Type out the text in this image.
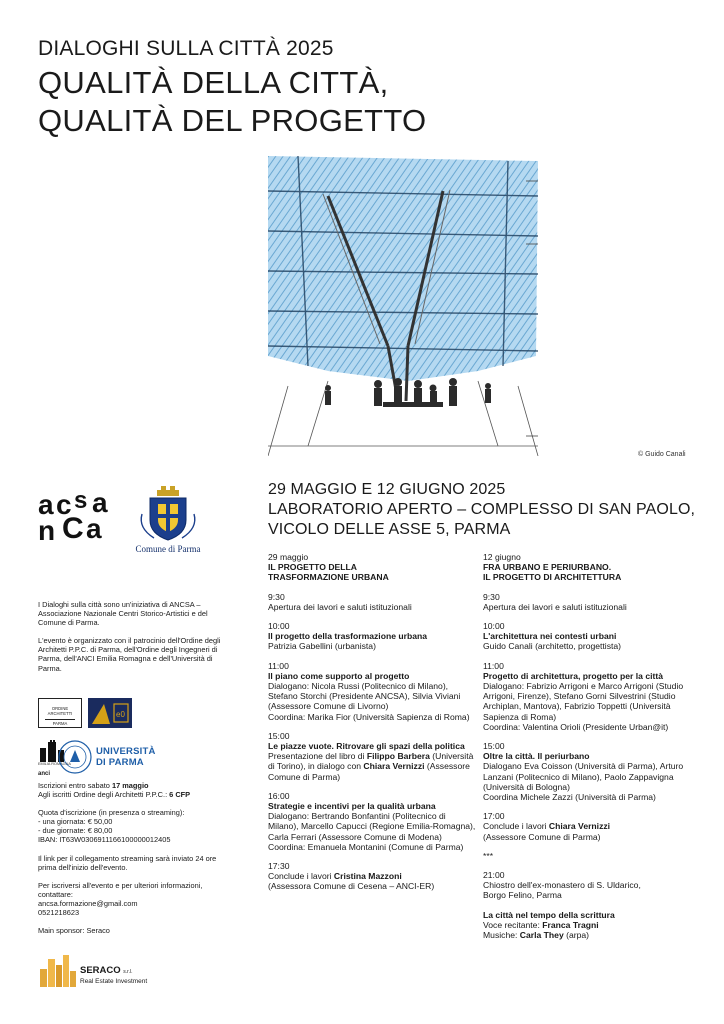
DIALOGHI SULLA CITTÀ 2025
QUALITÀ DELLA CITTÀ,
QUALITÀ DEL PROGETTO
© Guido Canali
29 MAGGIO E 12 GIUGNO 2025
LABORATORIO APERTO – COMPLESSO DI SAN PAOLO,
VICOLO DELLE ASSE 5, PARMA
a c s a
n C a
Comune di Parma
I Dialoghi sulla città sono un'iniziativa di ANCSA – Associazione Nazionale Centri Storico-Artistici e del Comune di Parma.
L'evento è organizzato con il patrocinio dell'Ordine degli Architetti P.P.C. di Parma, dell'Ordine degli Ingegneri di Parma, dell'ANCI Emilia Romagna e dell'Università di Parma.
ORDINE
ARCHITETTI
PARMA
e0
EMILIA ROMAGNA
anci
UNIVERSITÀ
DI PARMA
Iscrizioni entro sabato 17 maggio
Agli iscritti Ordine degli Architetti P.P.C.: 6 CFP
Quota d'iscrizione (in presenza o streaming):
- una giornata: € 50,00
- due giornate: € 80,00
IBAN: IT63W0306911166100000012405
Il link per il collegamento streaming sarà inviato 24 ore prima dell'inizio dell'evento.
Per iscriversi all'evento e per ulteriori informazioni, contattare:
ancsa.formazione@gmail.com
0521218623
Main sponsor: Seraco
SERACO s.r.l.
Real Estate Investment
29 maggio
IL PROGETTO DELLA
TRASFORMAZIONE URBANA
9:30
Apertura dei lavori e saluti istituzionali
10:00
Il progetto della trasformazione urbana
Patrizia Gabellini (urbanista)
11:00
Il piano come supporto al progetto
Dialogano: Nicola Russi (Politecnico di Milano), Stefano Storchi (Presidente ANCSA), Silvia Viviani (Assessore Comune di Livorno)
Coordina: Marika Fior (Università Sapienza di Roma)
15:00
Le piazze vuote. Ritrovare gli spazi della politica
Presentazione del libro di Filippo Barbera (Università di Torino), in dialogo con Chiara Vernizzi (Assessore Comune di Parma)
16:00
Strategie e incentivi per la qualità urbana
Dialogano: Bertrando Bonfantini (Politecnico di Milano), Marcello Capucci (Regione Emilia-Romagna), Carla Ferrari (Assessore Comune di Modena)
Coordina: Emanuela Montanini (Comune di Parma)
17:30
Conclude i lavori Cristina Mazzoni
(Assessora Comune di Cesena – ANCI-ER)
12 giugno
FRA URBANO E PERIURBANO.
IL PROGETTO DI ARCHITETTURA
9:30
Apertura dei lavori e saluti istituzionali
10:00
L'architettura nei contesti urbani
Guido Canali (architetto, progettista)
11:00
Progetto di architettura, progetto per la città
Dialogano: Fabrizio Arrigoni e Marco Arrigoni (Studio Arrigoni, Firenze), Stefano Gorni Silvestrini (Studio Archiplan, Mantova), Fabrizio Toppetti (Università Sapienza di Roma)
Coordina: Valentina Orioli (Presidente Urban@it)
15:00
Oltre la città. Il periurbano
Dialogano Eva Coisson (Università di Parma), Arturo Lanzani (Politecnico di Milano), Paolo Zappavigna (Università di Bologna)
Coordina Michele Zazzi (Università di Parma)
17:00
Conclude i lavori Chiara Vernizzi
(Assessore Comune di Parma)
***
21:00
Chiostro dell'ex-monastero di S. Uldarico,
Borgo Felino, Parma
La città nel tempo della scrittura
Voce recitante: Franca Tragni
Musiche: Carla They (arpa)
